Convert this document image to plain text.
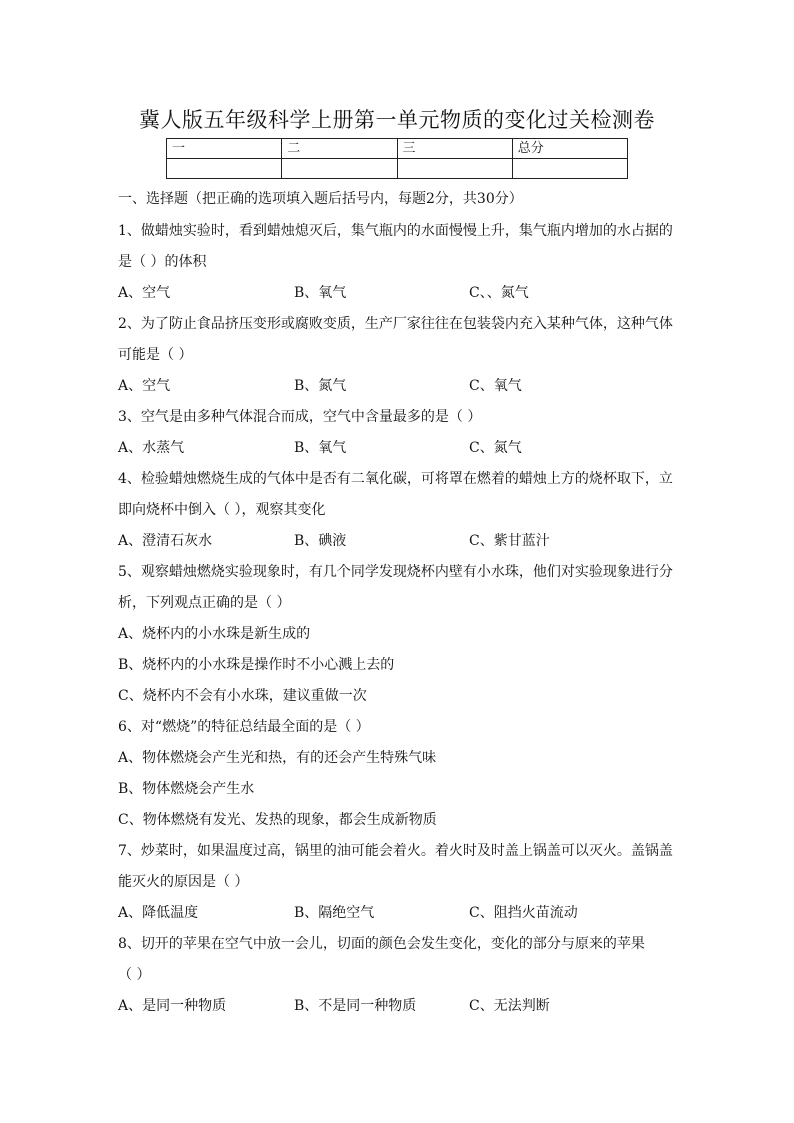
冀人版五年级科学上册第一单元物质的变化过关检测卷
一	二	三	总分

一、选择题（把正确的选项填入题后括号内，每题2分，共30分）
1、做蜡烛实验时，看到蜡烛熄灭后，集气瓶内的水面慢慢上升，集气瓶内增加的水占据的
是（ ）的体积
A、空气	B、氧气	C、、氮气
2、为了防止食品挤压变形或腐败变质，生产厂家往往在包装袋内充入某种气体，这种气体
可能是（ ）
A、空气	B、氮气	C、氧气
3、空气是由多种气体混合而成，空气中含量最多的是（ ）
A、水蒸气	B、氧气	C、氮气
4、检验蜡烛燃烧生成的气体中是否有二氧化碳，可将罩在燃着的蜡烛上方的烧杯取下，立
即向烧杯中倒入（ ），观察其变化
A、澄清石灰水	B、碘液	C、紫甘蓝汁
5、观察蜡烛燃烧实验现象时，有几个同学发现烧杯内壁有小水珠，他们对实验现象进行分
析，下列观点正确的是（ ）
A、烧杯内的小水珠是新生成的
B、烧杯内的小水珠是操作时不小心溅上去的
C、烧杯内不会有小水珠，建议重做一次
6、对“燃烧”的特征总结最全面的是（ ）
A、物体燃烧会产生光和热，有的还会产生特殊气味
B、物体燃烧会产生水
C、物体燃烧有发光、发热的现象，都会生成新物质
7、炒菜时，如果温度过高，锅里的油可能会着火。着火时及时盖上锅盖可以灭火。盖锅盖
能灭火的原因是（ ）
A、降低温度	B、隔绝空气	C、阻挡火苗流动
8、切开的苹果在空气中放一会儿，切面的颜色会发生变化，变化的部分与原来的苹果
（ ）
A、是同一种物质	B、不是同一种物质	C、无法判断
